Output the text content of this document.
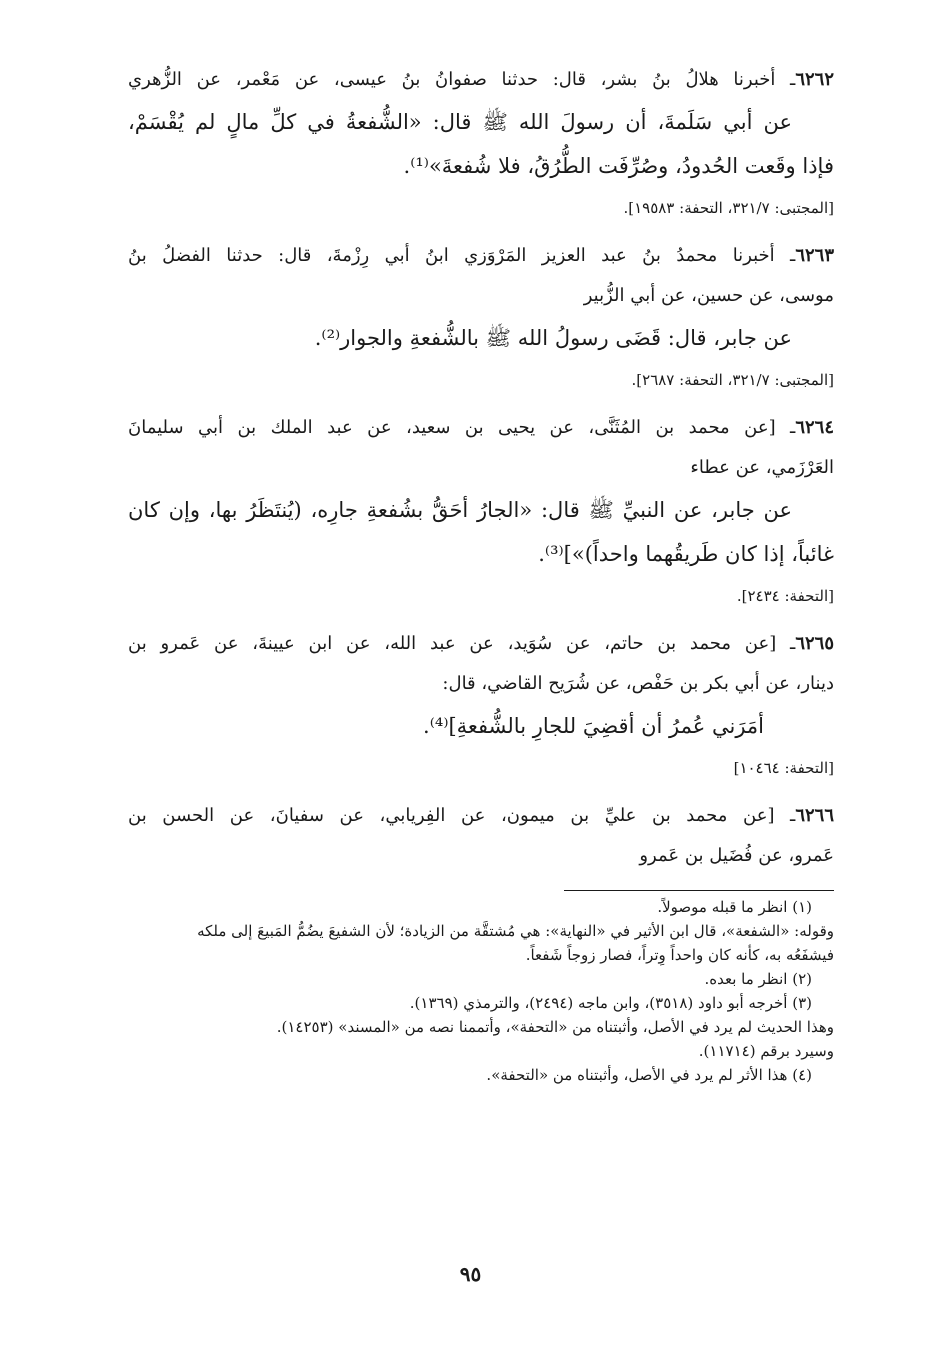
٦٢٦٢ـ أخبرنا هلالُ بنُ بشر، قال: حدثنا صفوانُ بنُ عيسى، عن مَعْمر، عن الزُّهري
عن أبي سَلَمةَ، أن رسولَ الله ﷺ قال: «الشُّفعةُ في كلِّ مالٍ لم يُقْسَمْ،
فإذا وقَعت الحُدودُ، وصُرِّفَت الطُّرُقُ، فلا شُفعةَ»⁽¹⁾.
[المجتبى: ٣٢١/٧، التحفة: ١٩٥٨٣].
٦٢٦٣ـ أخبرنا محمدُ بنُ عبد العزيز المَرْوَزي ابنُ أبي رِزْمةَ، قال: حدثنا الفضلُ بنُ
موسى، عن حسين، عن أبي الزُّبير
عن جابر، قال: قَضَى رسولُ الله ﷺ بالشُّفعةِ والجوار⁽²⁾.
[المجتبى: ٣٢١/٧، التحفة: ٢٦٨٧].
٦٢٦٤ـ [عن محمد بن المُثَنَّى، عن يحيى بن سعيد، عن عبد الملك بن أبي سليمانَ
العَرْزَمي، عن عطاء
عن جابر، عن النبيِّ ﷺ قال: «الجارُ أحَقُّ بشُفعةِ جارِه، (يُنتَظَرُ بها، وإن كان
غائباً، إذا كان طَريقُهما واحداً)»]⁽³⁾.
[التحفة: ٢٤٣٤].
٦٢٦٥ـ [عن محمد بن حاتم، عن سُوَيد، عن عبد الله، عن ابن عيينةَ، عن عَمرو بن
دينار، عن أبي بكر بن حَفْص، عن شُرَيح القاضي، قال:
أمَرَني عُمرُ أن أقضِيَ للجارِ بالشُّفعةِ]⁽⁴⁾.
[التحفة: ١٠٤٦٤]
٦٢٦٦ـ [عن محمد بن عليِّ بن ميمون، عن الفِريابي، عن سفيانَ، عن الحسن بن
عَمرو، عن فُضَيل بن عَمرو
(١) انظر ما قبله موصولاً.
وقوله: «الشفعة»، قال ابن الأثير في «النهاية»: هي مُشتقَّة من الزيادة؛ لأن الشفيعَ يضُمُّ المَبيعَ إلى ملكه
فيشفَعُه به، كأنه كان واحداً وِتراً، فصار زوجاً شَفعاً.
(٢) انظر ما بعده.
(٣) أخرجه أبو داود (٣٥١٨)، وابن ماجه (٢٤٩٤)، والترمذي (١٣٦٩).
وهذا الحديث لم يرد في الأصل، وأثبتناه من «التحفة»، وأتممنا نصه من «المسند» (١٤٢٥٣).
وسيرد برقم (١١٧١٤).
(٤) هذا الأثر لم يرد في الأصل، وأثبتناه من «التحفة».
٩٥
